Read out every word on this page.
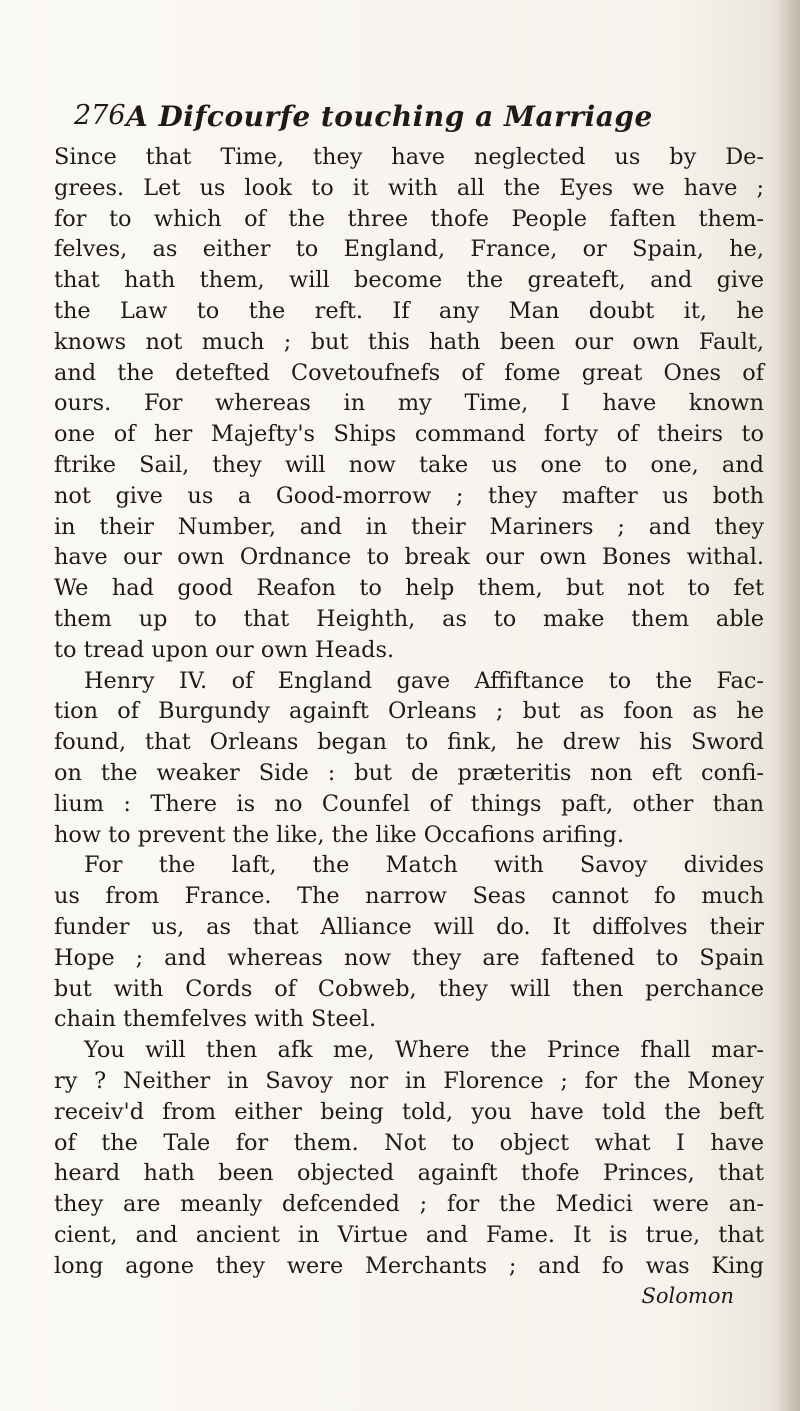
276 A Difcourfe touching a Marriage
Since that Time, they have neglected us by De-
grees. Let us look to it with all the Eyes we have ;
for to which of the three thofe People faften them-
felves, as either to England, France, or Spain, he,
that hath them, will become the greateft, and give
the Law to the reft. If any Man doubt it, he
knows not much ; but this hath been our own Fault,
and the detefted Covetoufnefs of fome great Ones of
ours. For whereas in my Time, I have known
one of her Majefty's Ships command forty of theirs to
ftrike Sail, they will now take us one to one, and
not give us a Good-morrow ; they mafter us both
in their Number, and in their Mariners ; and they
have our own Ordnance to break our own Bones withal.
We had good Reafon to help them, but not to fet
them up to that Heighth, as to make them able
to tread upon our own Heads.
Henry IV. of England gave Affiftance to the Fac-
tion of Burgundy againft Orleans ; but as foon as he
found, that Orleans began to fink, he drew his Sword
on the weaker Side : but de præteritis non eft confi-
lium : There is no Counfel of things paft, other than
how to prevent the like, the like Occafions arifing.
For the laft, the Match with Savoy divides
us from France. The narrow Seas cannot fo much
funder us, as that Alliance will do. It diffolves their
Hope ; and whereas now they are faftened to Spain
but with Cords of Cobweb, they will then perchance
chain themfelves with Steel.
You will then afk me, Where the Prince fhall mar-
ry ? Neither in Savoy nor in Florence ; for the Money
receiv'd from either being told, you have told the beft
of the Tale for them. Not to object what I have
heard hath been objected againft thofe Princes, that
they are meanly defcended ; for the Medici were an-
cient, and ancient in Virtue and Fame. It is true, that
long agone they were Merchants ; and fo was King
Solomon
